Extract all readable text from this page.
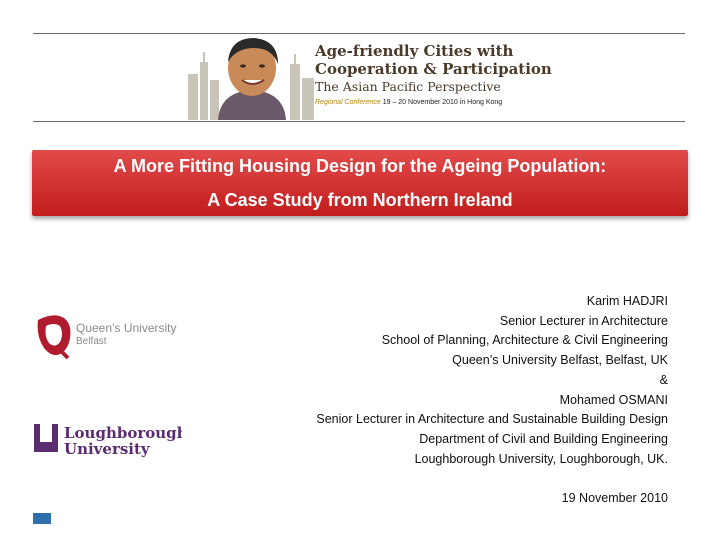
Age-friendly Cities with
Cooperation & Participation
The Asian Pacific Perspective
Regional Conference 19 – 20 November 2010 in Hong Kong
A More Fitting Housing Design for the Ageing Population:
A Case Study from Northern Ireland
Queen’s University
Belfast
Loughborough
University
Karim HADJRI
Senior Lecturer in Architecture
School of Planning, Architecture & Civil Engineering
Queen’s University Belfast, Belfast, UK
&
Mohamed OSMANI
Senior Lecturer in Architecture and Sustainable Building Design
Department of Civil and Building Engineering
Loughborough University, Loughborough, UK.

19 November 2010
